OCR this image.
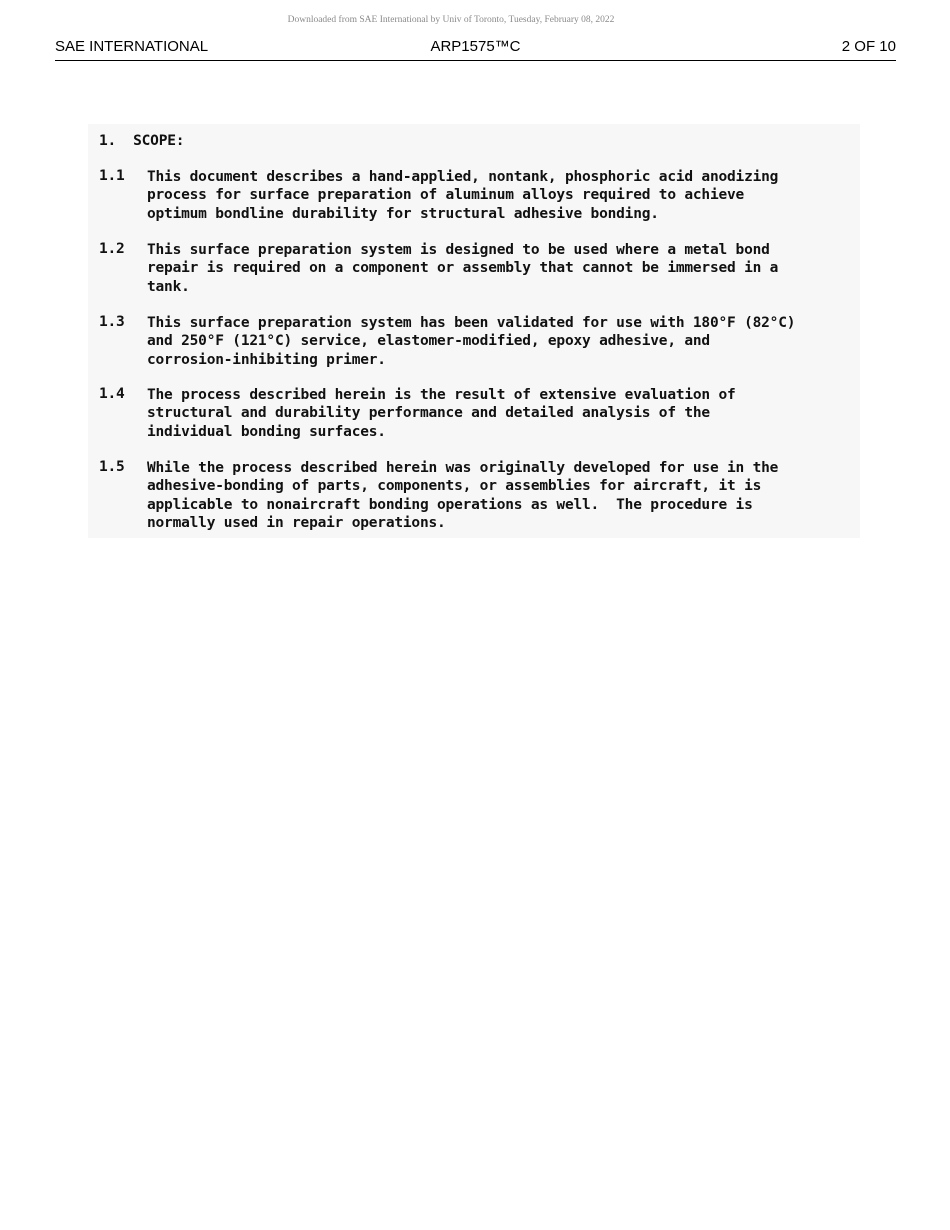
Downloaded from SAE International by Univ of Toronto, Tuesday, February 08, 2022
SAE INTERNATIONAL	ARP1575™C	2 OF 10
1.  SCOPE:
1.1 This document describes a hand-applied, nontank, phosphoric acid anodizing
process for surface preparation of aluminum alloys required to achieve
optimum bondline durability for structural adhesive bonding.
1.2 This surface preparation system is designed to be used where a metal bond
repair is required on a component or assembly that cannot be immersed in a
tank.
1.3 This surface preparation system has been validated for use with 180°F (82°C)
and 250°F (121°C) service, elastomer-modified, epoxy adhesive, and
corrosion-inhibiting primer.
1.4 The process described herein is the result of extensive evaluation of
structural and durability performance and detailed analysis of the
individual bonding surfaces.
1.5 While the process described herein was originally developed for use in the
adhesive-bonding of parts, components, or assemblies for aircraft, it is
applicable to nonaircraft bonding operations as well.  The procedure is
normally used in repair operations.
